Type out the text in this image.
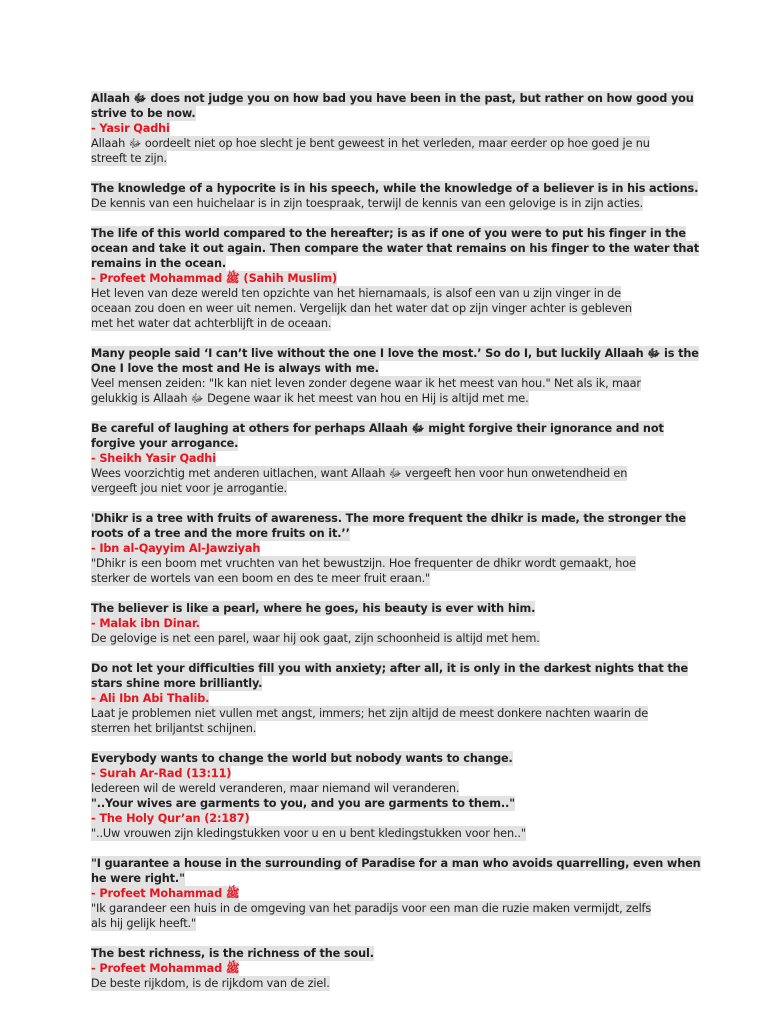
Allaah ﷻ does not judge you on how bad you have been in the past, but rather on how good you
strive to be now.
- Yasir Qadhi
Allaah ﷻ oordeelt niet op hoe slecht je bent geweest in het verleden, maar eerder op hoe goed je nu
streeft te zijn.
The knowledge of a hypocrite is in his speech, while the knowledge of a believer is in his actions.
De kennis van een huichelaar is in zijn toespraak, terwijl de kennis van een gelovige is in zijn acties.
The life of this world compared to the hereafter; is as if one of you were to put his finger in the
ocean and take it out again. Then compare the water that remains on his finger to the water that
remains in the ocean.
- Profeet Mohammad ﷺ (Sahih Muslim)
Het leven van deze wereld ten opzichte van het hiernamaals, is alsof een van u zijn vinger in de
oceaan zou doen en weer uit nemen. Vergelijk dan het water dat op zijn vinger achter is gebleven
met het water dat achterblijft in de oceaan.
Many people said ‘I can’t live without the one I love the most.’ So do I, but luckily Allaah ﷻ is the
One I love the most and He is always with me.
Veel mensen zeiden: "Ik kan niet leven zonder degene waar ik het meest van hou." Net als ik, maar
gelukkig is Allaah ﷻ Degene waar ik het meest van hou en Hij is altijd met me.
Be careful of laughing at others for perhaps Allaah ﷻ might forgive their ignorance and not
forgive your arrogance.
- Sheikh Yasir Qadhi
Wees voorzichtig met anderen uitlachen, want Allaah ﷻ vergeeft hen voor hun onwetendheid en
vergeeft jou niet voor je arrogantie.
'Dhikr is a tree with fruits of awareness. The more frequent the dhikr is made, the stronger the
roots of a tree and the more fruits on it.’’
- Ibn al-Qayyim Al-Jawziyah
"Dhikr is een boom met vruchten van het bewustzijn. Hoe frequenter de dhikr wordt gemaakt, hoe
sterker de wortels van een boom en des te meer fruit eraan."
The believer is like a pearl, where he goes, his beauty is ever with him.
- Malak ibn Dinar.
De gelovige is net een parel, waar hij ook gaat, zijn schoonheid is altijd met hem.
Do not let your difficulties fill you with anxiety; after all, it is only in the darkest nights that the
stars shine more brilliantly.
- Ali Ibn Abi Thalib.
Laat je problemen niet vullen met angst, immers; het zijn altijd de meest donkere nachten waarin de
sterren het briljantst schijnen.
Everybody wants to change the world but nobody wants to change.
- Surah Ar-Rad (13:11)
Iedereen wil de wereld veranderen, maar niemand wil veranderen.
"..Your wives are garments to you, and you are garments to them.."
- The Holy Qur’an (2:187)
"..Uw vrouwen zijn kledingstukken voor u en u bent kledingstukken voor hen.."
"I guarantee a house in the surrounding of Paradise for a man who avoids quarrelling, even when
he were right."
- Profeet Mohammad ﷺ
"Ik garandeer een huis in de omgeving van het paradijs voor een man die ruzie maken vermijdt, zelfs
als hij gelijk heeft."
The best richness, is the richness of the soul.
- Profeet Mohammad ﷺ
De beste rijkdom, is de rijkdom van de ziel.
